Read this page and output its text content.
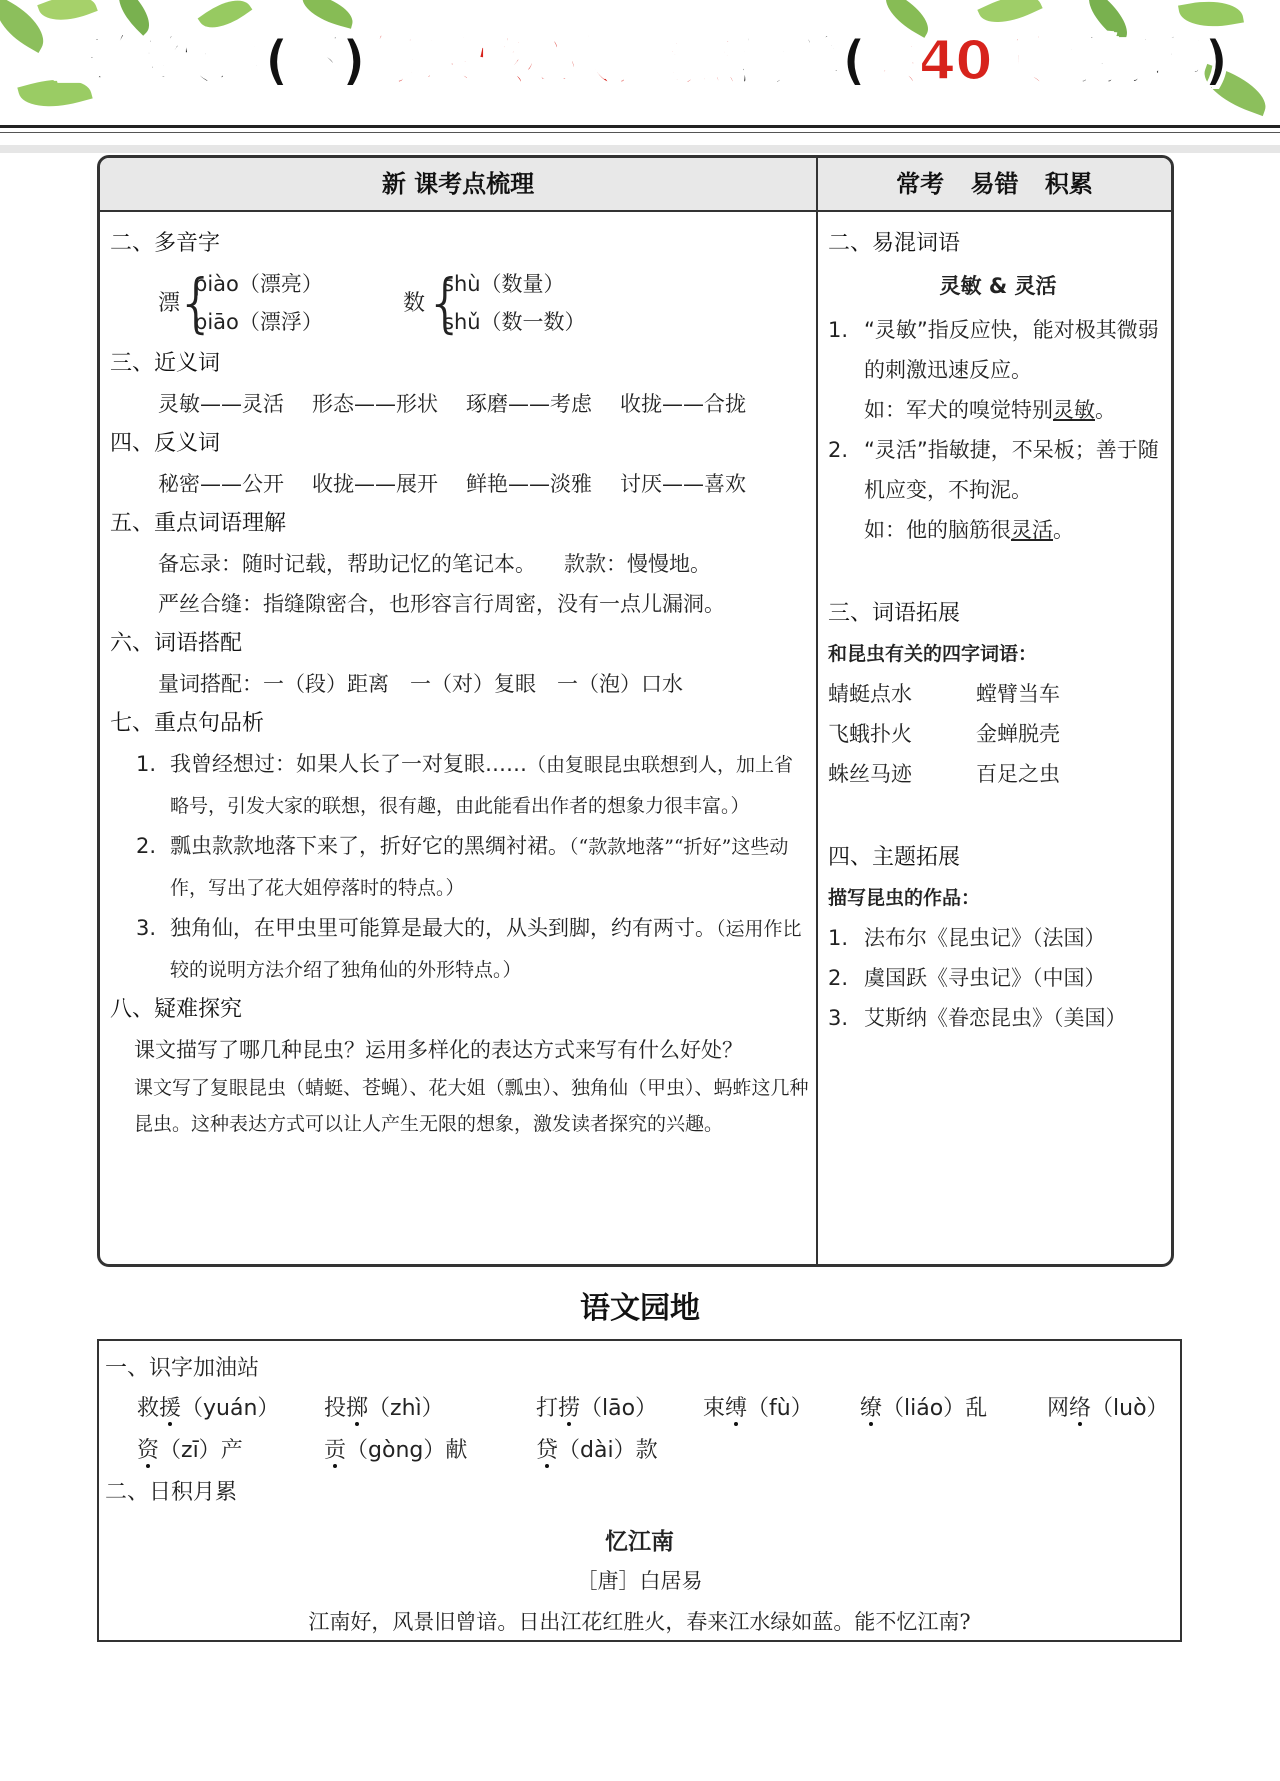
三年级语(下)每课核心划重点清单(共40页可打印)
新 课考点梳理	常考 易错 积累
二、多音字
漂
{
piào（漂亮）
piāo（漂浮）
数 {
shù（数量）
shǔ（数一数）
三、近义词
灵敏——灵活 形态——形状 琢磨——考虑 收拢——合拢
四、反义词
秘密——公开 收拢——展开 鲜艳——淡雅 讨厌——喜欢
五、重点词语理解
备忘录：随时记载，帮助记忆的笔记本。 款款：慢慢地。
严丝合缝：指缝隙密合，也形容言行周密，没有一点儿漏洞。
六、词语搭配
量词搭配：一（段）距离　一（对）复眼　一（泡）口水
七、重点句品析
1. 我曾经想过：如果人长了一对复眼……（由复眼昆虫联想到人，加上省略号，引发大家的联想，很有趣，由此能看出作者的想象力很丰富。）
2. 瓢虫款款地落下来了，折好它的黑绸衬裙。（“款款地落”“折好”这些动作，写出了花大姐停落时的特点。）
3. 独角仙，在甲虫里可能算是最大的，从头到脚，约有两寸。（运用作比较的说明方法介绍了独角仙的外形特点。）
八、疑难探究
课文描写了哪几种昆虫？运用多样化的表达方式来写有什么好处？
课文写了复眼昆虫（蜻蜓、苍蝇）、花大姐（瓢虫）、独角仙（甲虫）、蚂蚱这几种昆虫。这种表达方式可以让人产生无限的想象，激发读者探究的兴趣。
二、易混词语
灵敏 & 灵活
1. “灵敏”指反应快，能对极其微弱的刺激迅速反应。
如：军犬的嗅觉特别灵敏。
2. “灵活”指敏捷，不呆板；善于随机应变，不拘泥。
如：他的脑筋很灵活。
三、词语拓展
和昆虫有关的四字词语：
蜻蜓点水	螳臂当车
飞蛾扑火	金蝉脱壳
蛛丝马迹	百足之虫
四、主题拓展
描写昆虫的作品：
1. 法布尔《昆虫记》（法国）
2. 虞国跃《寻虫记》（中国）
3. 艾斯纳《眷恋昆虫》（美国）
语文园地
一、识字加油站
救援（yuán） 投掷（zhì）	打捞（lāo） 束缚（fù） 缭（liáo）乱	网络（luò）
资（zī）产	贡（gòng）献	贷（dài）款
二、日积月累
忆江南
［唐］白居易
江南好，风景旧曾谙。日出江花红胜火，春来江水绿如蓝。能不忆江南?
